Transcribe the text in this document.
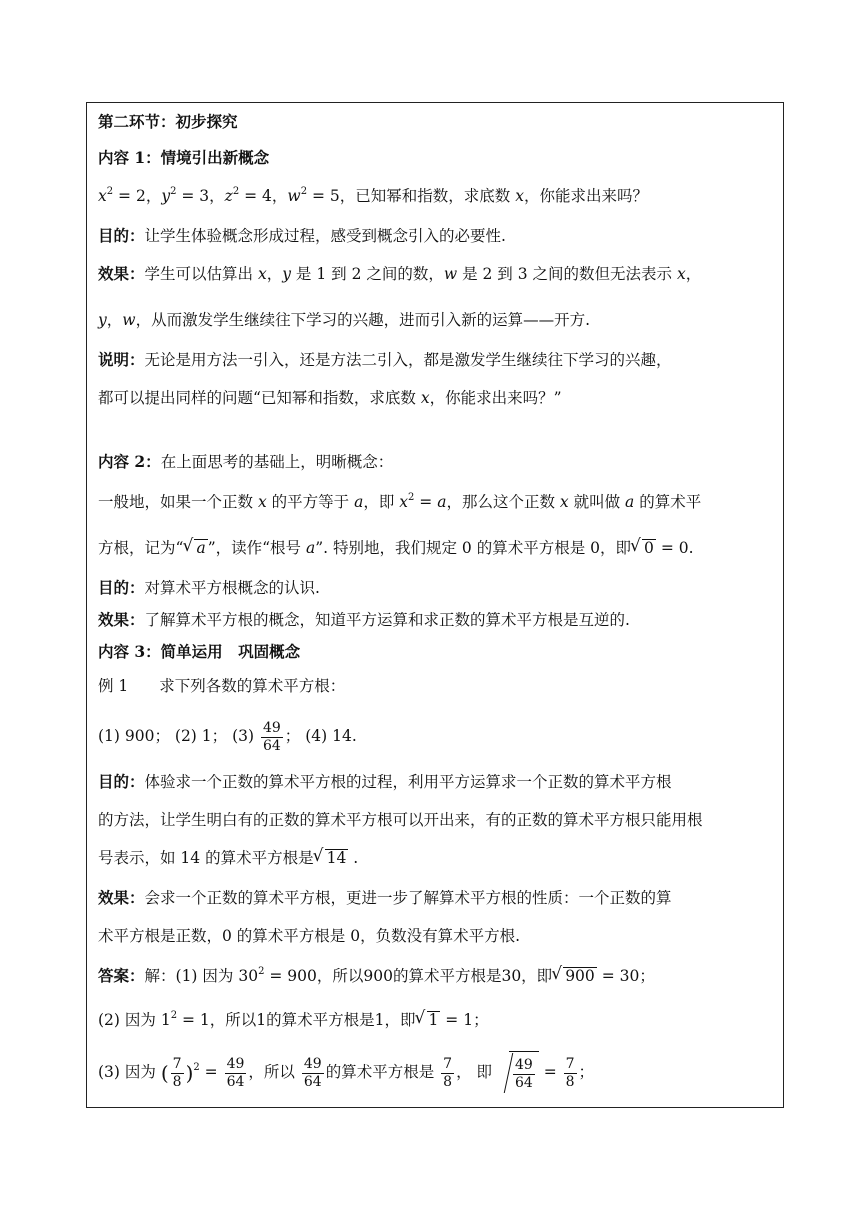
第二环节：初步探究
内容 1：情境引出新概念
$x^2 = 2$，$y^2 = 3$，$z^2 = 4$，$w^2 = 5$，已知幂和指数，求底数 x，你能求出来吗？
目的：让学生体验概念形成过程，感受到概念引入的必要性.
效果：学生可以估算出 x，y 是 1 到 2 之间的数，w 是 2 到 3 之间的数但无法表示 x，
y，w，从而激发学生继续往下学习的兴趣，进而引入新的运算——开方.
说明：无论是用方法一引入，还是方法二引入，都是激发学生继续往下学习的兴趣，
都可以提出同样的问题“已知幂和指数，求底数 x，你能求出来吗？”
内容 2：在上面思考的基础上，明晰概念：
一般地，如果一个正数 x 的平方等于 a，即 $x^2 = a$，那么这个正数 x 就叫做 a 的算术平
方根，记为“ √ a ”，读作“根号 a”. 特别地，我们规定 0 的算术平方根是 0，即 √ 0 = 0.
目的：对算术平方根概念的认识.
效果：了解算术平方根的概念，知道平方运算和求正数的算术平方根是互逆的.
内容 3：简单运用　巩固概念
例 1　　求下列各数的算术平方根：
(1) 900； (2) 1； $(3) \frac{49}{64}$ ； (4) 14.
目的：体验求一个正数的算术平方根的过程，利用平方运算求一个正数的算术平方根
的方法，让学生明白有的正数的算术平方根可以开出来，有的正数的算术平方根只能用根
号表示，如 14 的算术平方根是 √ 14 .
效果：会求一个正数的算术平方根，更进一步了解算术平方根的性质：一个正数的算
术平方根是正数，0 的算术平方根是 0，负数没有算术平方根.
答案：解：(1) 因为 $30^2 = 900$，所以900的算术平方根是30，即 √ 900 = 30；
(2) 因为 $1^2 = 1$，所以1的算术平方根是1，即 √ 1 = 1；
(3) 因为 ( $\frac{7}{8} )^2 = \frac{49}{64}$ ，所以 $\frac{49}{64}$ 的算术平方根是 $\frac{7}{8}$ ， 即 $\frac{49}{64} = \frac{7}{8}$ ；
